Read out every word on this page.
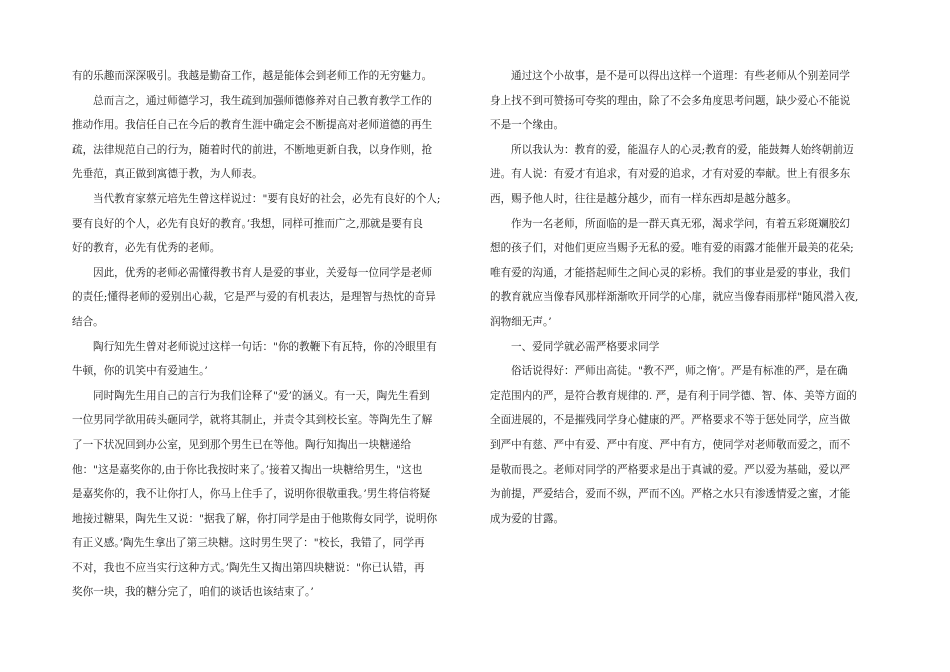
有的乐趣而深深吸引。我越是勤奋工作，越是能体会到老师工作的无穷魅力。
总而言之，通过师德学习，我生疏到加强师德修养对自己教育教学工作的
推动作用。我信任自己在今后的教育生涯中确定会不断提高对老师道德的再生
疏，法律规范自己的行为，随着时代的前进，不断地更新自我，以身作则，抢
先垂范，真正做到寓德于教，为人师表。
当代教育家蔡元培先生曾这样说过："要有良好的社会，必先有良好的个人;
要有良好的个人，必先有良好的教育。’我想，同样可推而广之,那就是要有良
好的教育，必先有优秀的老师。
因此，优秀的老师必需懂得教书育人是爱的事业，关爱每一位同学是老师
的责任;懂得老师的爱别出心裁，它是严与爱的有机表达，是理智与热忱的奇异
结合。
陶行知先生曾对老师说过这样一句话："你的教鞭下有瓦特，你的冷眼里有
牛顿，你的讥笑中有爱迪生。’
同时陶先生用自己的言行为我们诠释了"爱’的涵义。有一天，陶先生看到
一位男同学欲用砖头砸同学，就将其制止，并责令其到校长室。等陶先生了解
了一下状况回到办公室，见到那个男生已在等他。陶行知掏出一块糖递给
他："这是嘉奖你的,由于你比我按时来了。’接着又掏出一块糖给男生，"这也
是嘉奖你的，我不让你打人，你马上住手了，说明你很敬重我。’男生将信将疑
地接过糖果，陶先生又说："据我了解，你打同学是由于他欺侮女同学，说明你
有正义感。’陶先生拿出了第三块糖。这时男生哭了："校长，我错了，同学再
不对，我也不应当实行这种方式。’陶先生又掏出第四块糖说："你已认错，再
奖你一块，我的糖分完了，咱们的谈话也该结束了。’
通过这个小故事，是不是可以得出这样一个道理：有些老师从个别差同学
身上找不到可赞扬可夸奖的理由，除了不会多角度思考问题，缺少爱心不能说
不是一个缘由。
所以我认为：教育的爱，能温存人的心灵;教育的爱，能鼓舞人始终朝前迈
进。有人说：有爱才有追求，有对爱的追求，才有对爱的奉献。世上有很多东
西，赐予他人时，往往是越分越少，而有一样东西却是越分越多。
作为一名老师，所面临的是一群天真无邪，渴求学问，有着五彩斑斓胶幻
想的孩子们，对他们更应当赐予无私的爱。唯有爱的雨露才能催开最美的花朵;
唯有爱的沟通，才能搭起师生之间心灵的彩桥。我们的事业是爱的事业，我们
的教育就应当像春风那样渐渐吹开同学的心扉，就应当像春雨那样"随风潜入夜,
润物细无声。’
一、爱同学就必需严格要求同学
俗话说得好：严师出高徒。"教不严，师之惰’。严是有标准的严，是在确
定范围内的严，是符合教育规律的. 严，是有利于同学德、智、体、美等方面的
全面进展的，不是摧残同学身心健康的严。严格要求不等于惩处同学，应当做
到严中有慈、严中有爱、严中有度、严中有方，使同学对老师敬而爱之，而不
是敬而畏之。老师对同学的严格要求是出于真诚的爱。严以爱为基础，爱以严
为前提，严爱结合，爱而不纵，严而不凶。严格之水只有渗透情爱之蜜，才能
成为爱的甘露。
